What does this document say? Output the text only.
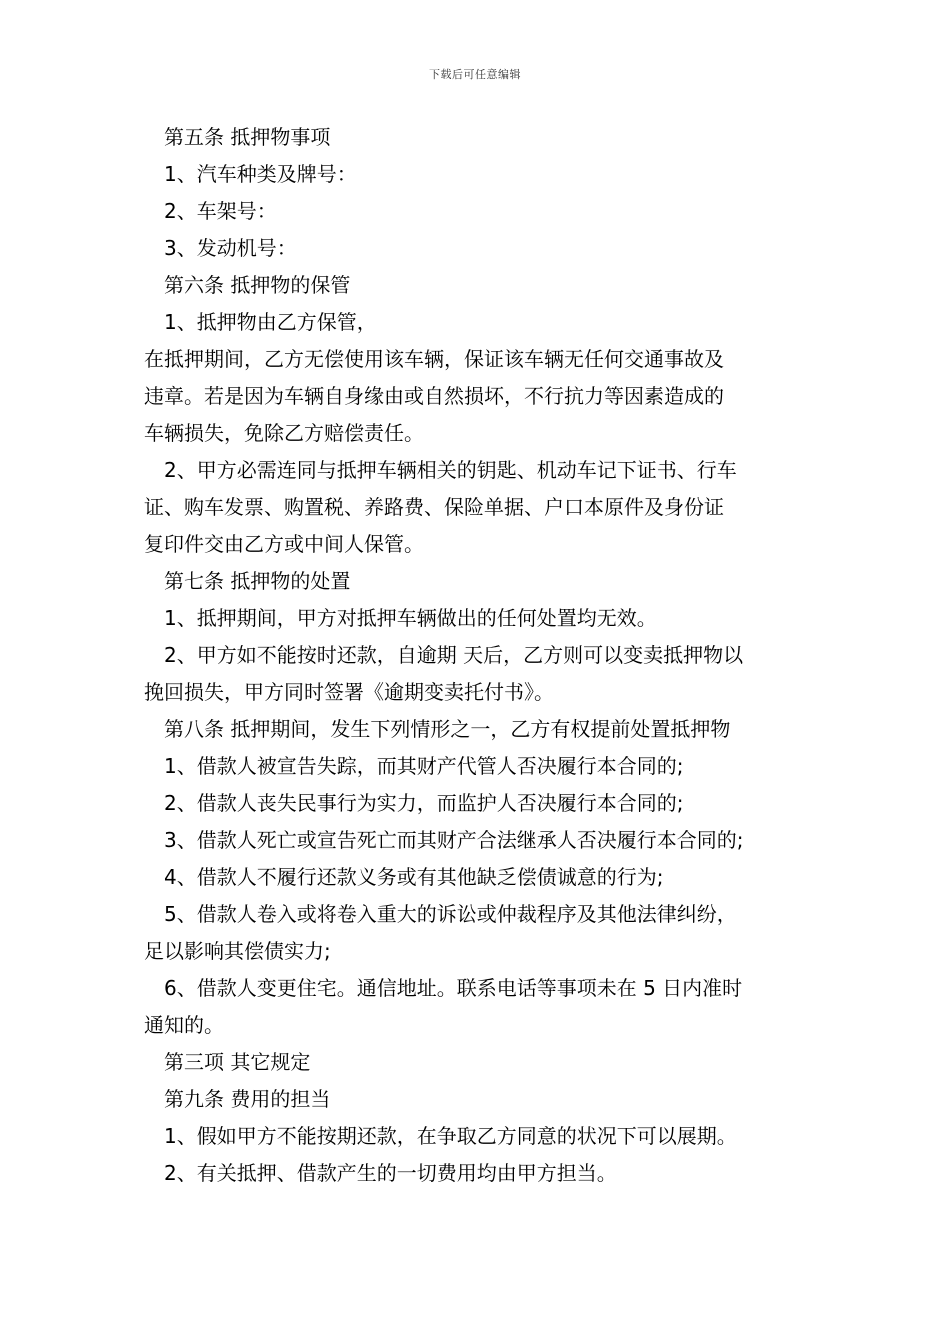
下载后可任意编辑

第五条 抵押物事项

1、汽车种类及牌号：

2、车架号：

3、发动机号：

第六条 抵押物的保管

1、抵押物由乙方保管，

在抵押期间，乙方无偿使用该车辆，保证该车辆无任何交通事故及

违章。若是因为车辆自身缘由或自然损坏，不行抗力等因素造成的

车辆损失，免除乙方赔偿责任。

2、甲方必需连同与抵押车辆相关的钥匙、机动车记下证书、行车

证、购车发票、购置税、养路费、保险单据、户口本原件及身份证

复印件交由乙方或中间人保管。

第七条 抵押物的处置

1、抵押期间，甲方对抵押车辆做出的任何处置均无效。

2、甲方如不能按时还款，自逾期 天后，乙方则可以变卖抵押物以

挽回损失，甲方同时签署《逾期变卖托付书》。

第八条 抵押期间，发生下列情形之一，乙方有权提前处置抵押物

1、借款人被宣告失踪，而其财产代管人否决履行本合同的;

2、借款人丧失民事行为实力，而监护人否决履行本合同的;

3、借款人死亡或宣告死亡而其财产合法继承人否决履行本合同的;

4、借款人不履行还款义务或有其他缺乏偿债诚意的行为;

5、借款人卷入或将卷入重大的诉讼或仲裁程序及其他法律纠纷，

足以影响其偿债实力;

6、借款人变更住宅。通信地址。联系电话等事项未在 5 日内准时

通知的。

第三项 其它规定

第九条 费用的担当

1、假如甲方不能按期还款，在争取乙方同意的状况下可以展期。

2、有关抵押、借款产生的一切费用均由甲方担当。
